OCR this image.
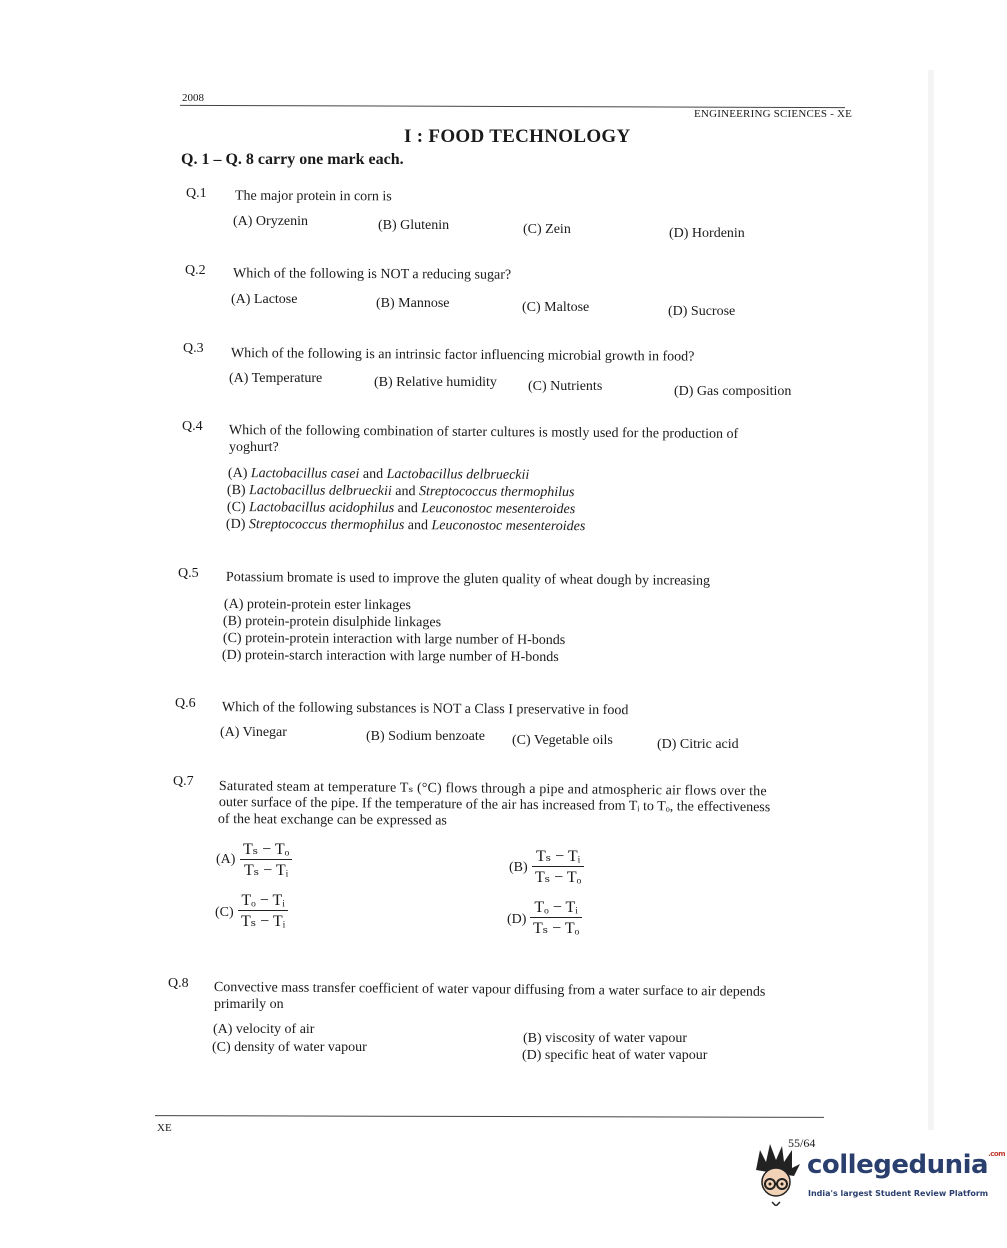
2008
ENGINEERING SCIENCES - XE
I : FOOD TECHNOLOGY
Q. 1 – Q. 8 carry one mark each.
Q.1 The major protein in corn is
(A) Oryzenin	(B) Glutenin	(C) Zein	(D) Hordenin
Q.2 Which of the following is NOT a reducing sugar?
(A) Lactose	(B) Mannose	(C) Maltose	(D) Sucrose
Q.3 Which of the following is an intrinsic factor influencing microbial growth in food?
(A) Temperature	(B) Relative humidity (C) Nutrients	(D) Gas composition
Q.4 Which of the following combination of starter cultures is mostly used for the production of
yoghurt?
(A) Lactobacillus casei and Lactobacillus delbrueckii
(B) Lactobacillus delbrueckii and Streptococcus thermophilus
(C) Lactobacillus acidophilus and Leuconostoc mesenteroides
(D) Streptococcus thermophilus and Leuconostoc mesenteroides
Q.5 Potassium bromate is used to improve the gluten quality of wheat dough by increasing
(A) protein-protein ester linkages
(B) protein-protein disulphide linkages
(C) protein-protein interaction with large number of H-bonds
(D) protein-starch interaction with large number of H-bonds
Q.6 Which of the following substances is NOT a Class I preservative in food
(A) Vinegar	(B) Sodium benzoate (C) Vegetable oils	(D) Citric acid
Q.7 Saturated steam at temperature Tₛ (°C) flows through a pipe and atmospheric air flows over the
outer surface of the pipe. If the temperature of the air has increased from Tᵢ to Tₒ, the effectiveness
of the heat exchange can be expressed as
$(A) \frac{\text{Tₛ − Tₒ}}{\text{Tₛ − Tᵢ}}$	$(B) \frac{\text{Tₛ − Tᵢ}}{\text{Tₛ − Tₒ}}$
$(C) \frac{\text{Tₒ − Tᵢ}}{\text{Tₛ − Tᵢ}}$	$(D) \frac{\text{Tₒ − Tᵢ}}{\text{Tₛ − Tₒ}}$
Q.8 Convective mass transfer coefficient of water vapour diffusing from a water surface to air depends
primarily on
(A) velocity of air
(B) viscosity of water vapour
(C) density of water vapour
(D) specific heat of water vapour
XE
55/64
collegedunia$^{.com}$
India's largest Student Review Platform
